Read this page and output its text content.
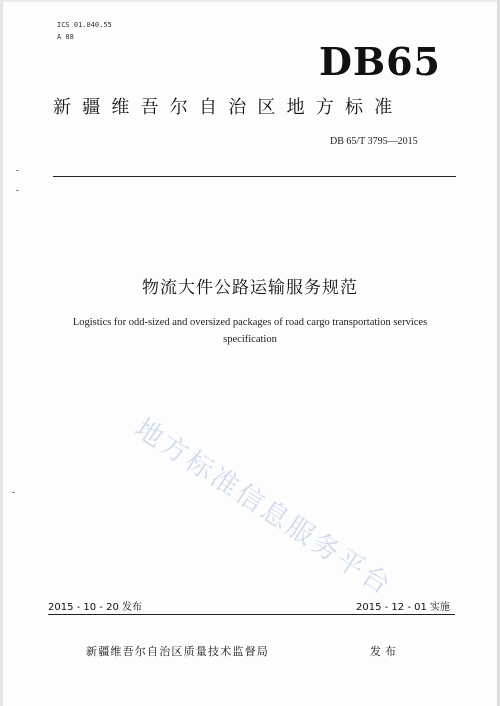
ICS 01.040.55
A 88
DB65
新疆维吾尔自治区地方标准
DB 65/T 3795—2015
物流大件公路运输服务规范
Logistics for odd-sized and oversized packages of road cargo transportation services
specification
地方标准信息服务平台
2015 - 10 - 20 发布	2015 - 12 - 01 实施
新疆维吾尔自治区质量技术监督局	发布
